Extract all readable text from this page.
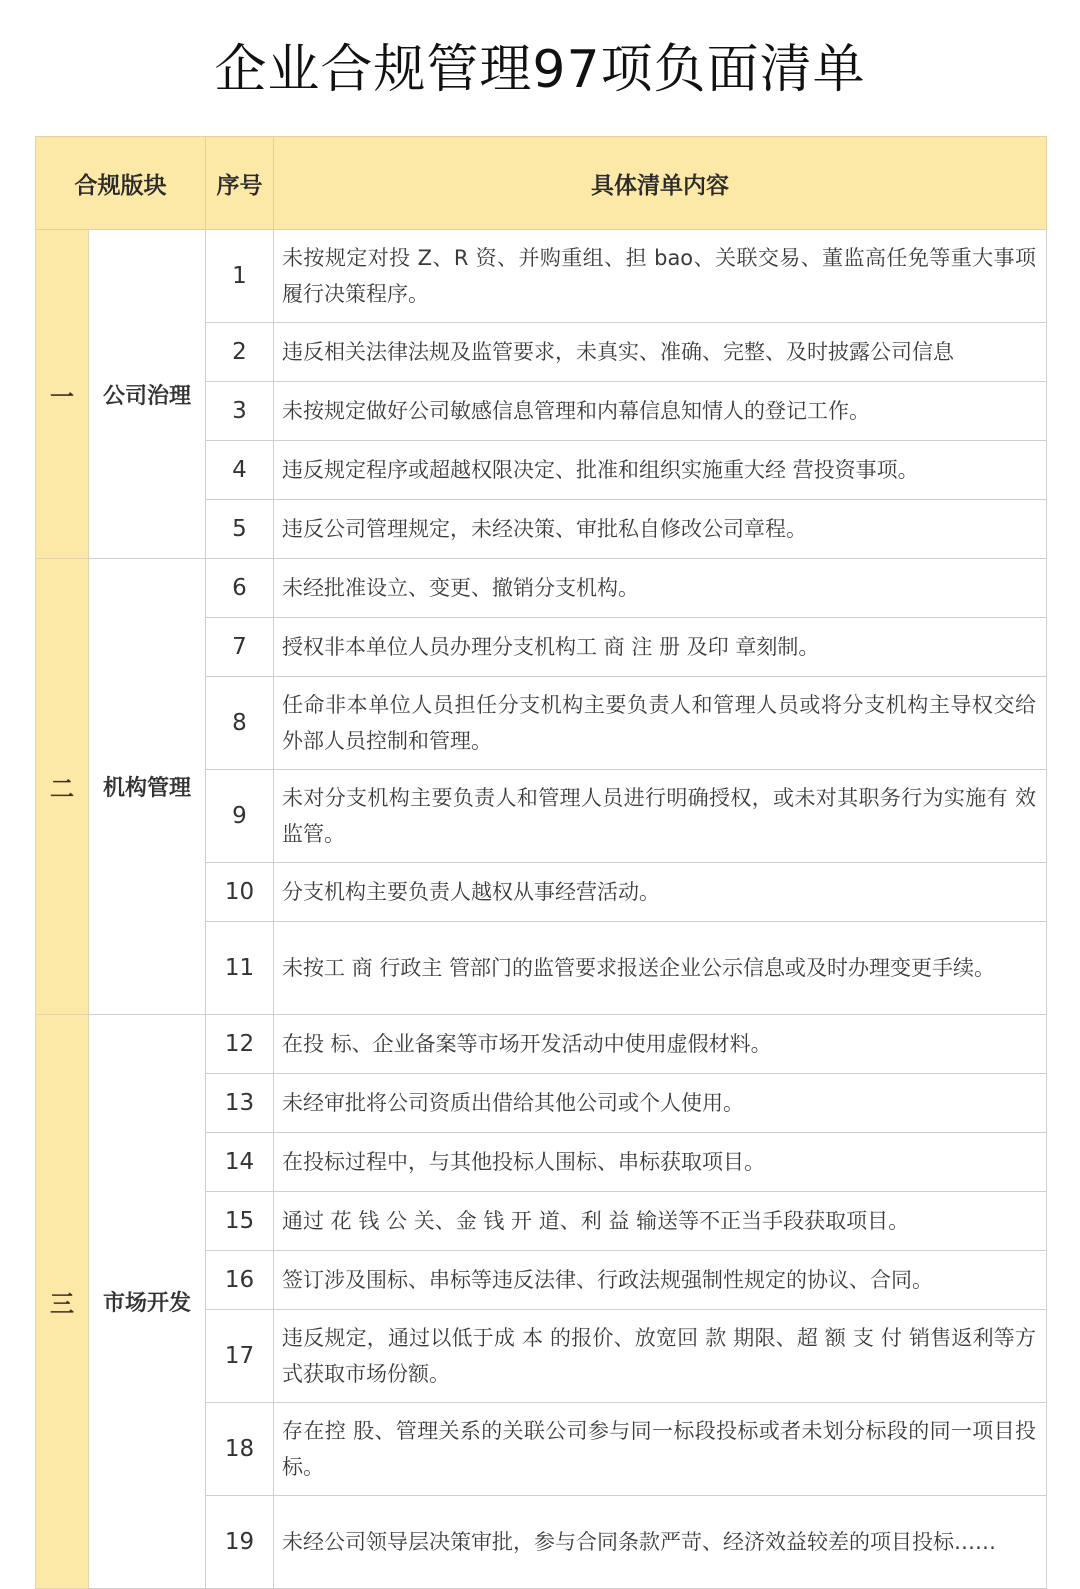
企业合规管理97项负面清单
合规版块		序号	具体清单内容
一	公司治理	1	未按规定对投 Z、R 资、并购重组、担 bao、关联交易、董监高任免等重大事项履行决策程序。
		2	违反相关法律法规及监管要求，未真实、准确、完整、及时披露公司信息
		3	未按规定做好公司敏感信息管理和内幕信息知情人的登记工作。
		4	违反规定程序或超越权限决定、批准和组织实施重大经 营投资事项。
		5	违反公司管理规定，未经决策、审批私自修改公司章程。
二	机构管理	6	未经批准设立、变更、撤销分支机构。
		7	授权非本单位人员办理分支机构工 商 注 册 及印 章刻制。
		8	任命非本单位人员担任分支机构主要负责人和管理人员或将分支机构主导权交给外部人员控制和管理。
		9	未对分支机构主要负责人和管理人员进行明确授权，或未对其职务行为实施有 效 监管。
		10	分支机构主要负责人越权从事经营活动。
		11	未按工 商 行政主 管部门的监管要求报送企业公示信息或及时办理变更手续。
三	市场开发	12	在投 标、企业备案等市场开发活动中使用虚假材料。
		13	未经审批将公司资质出借给其他公司或个人使用。
		14	在投标过程中，与其他投标人围标、串标获取项目。
		15	通过 花 钱 公 关、金 钱 开 道、利 益 输送等不正当手段获取项目。
		16	签订涉及围标、串标等违反法律、行政法规强制性规定的协议、合同。
		17	违反规定，通过以低于成 本 的报价、放宽回 款 期限、超 额 支 付 销售返利等方式获取市场份额。
		18	存在控 股、管理关系的关联公司参与同一标段投标或者未划分标段的同一项目投标。
		19	未经公司领导层决策审批，参与合同条款严苛、经济效益较差的项目投标……
